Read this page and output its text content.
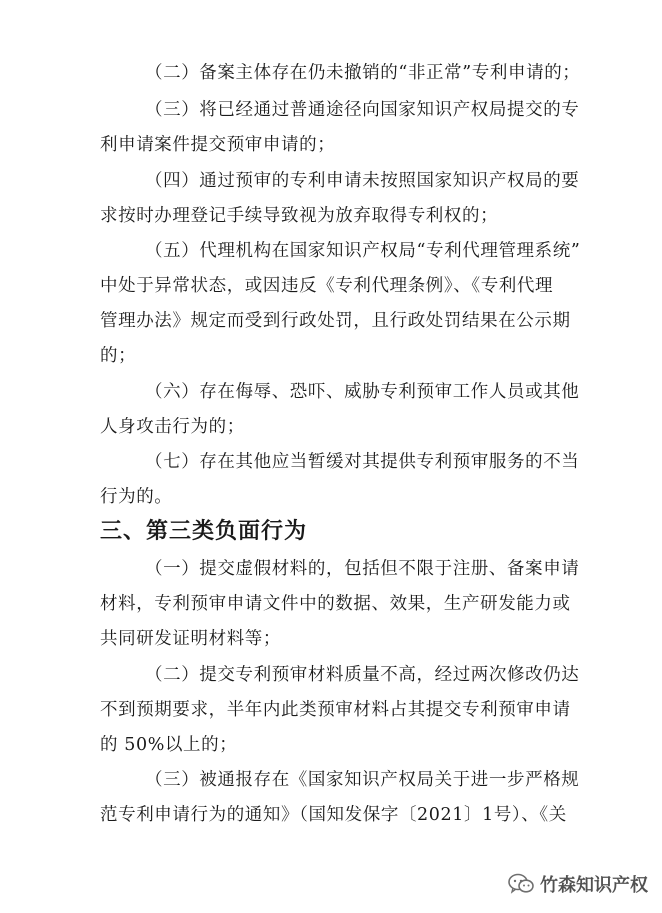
（二）备案主体存在仍未撤销的“非正常”专利申请的；
（三）将已经通过普通途径向国家知识产权局提交的专
利申请案件提交预审申请的；
（四）通过预审的专利申请未按照国家知识产权局的要
求按时办理登记手续导致视为放弃取得专利权的；
（五）代理机构在国家知识产权局“专利代理管理系统”
中处于异常状态，或因违反《专利代理条例》、《专利代理
管理办法》规定而受到行政处罚，且行政处罚结果在公示期
的；
（六）存在侮辱、恐吓、威胁专利预审工作人员或其他
人身攻击行为的；
（七）存在其他应当暂缓对其提供专利预审服务的不当
行为的。
三、第三类负面行为
（一）提交虚假材料的，包括但不限于注册、备案申请
材料，专利预审申请文件中的数据、效果，生产研发能力或
共同研发证明材料等；
（二）提交专利预审材料质量不高，经过两次修改仍达
不到预期要求，半年内此类预审材料占其提交专利预审申请
的 50%以上的；
（三）被通报存在《国家知识产权局关于进一步严格规
范专利申请行为的通知》（国知发保字〔2021〕1号）、《关
竹森知识产权
